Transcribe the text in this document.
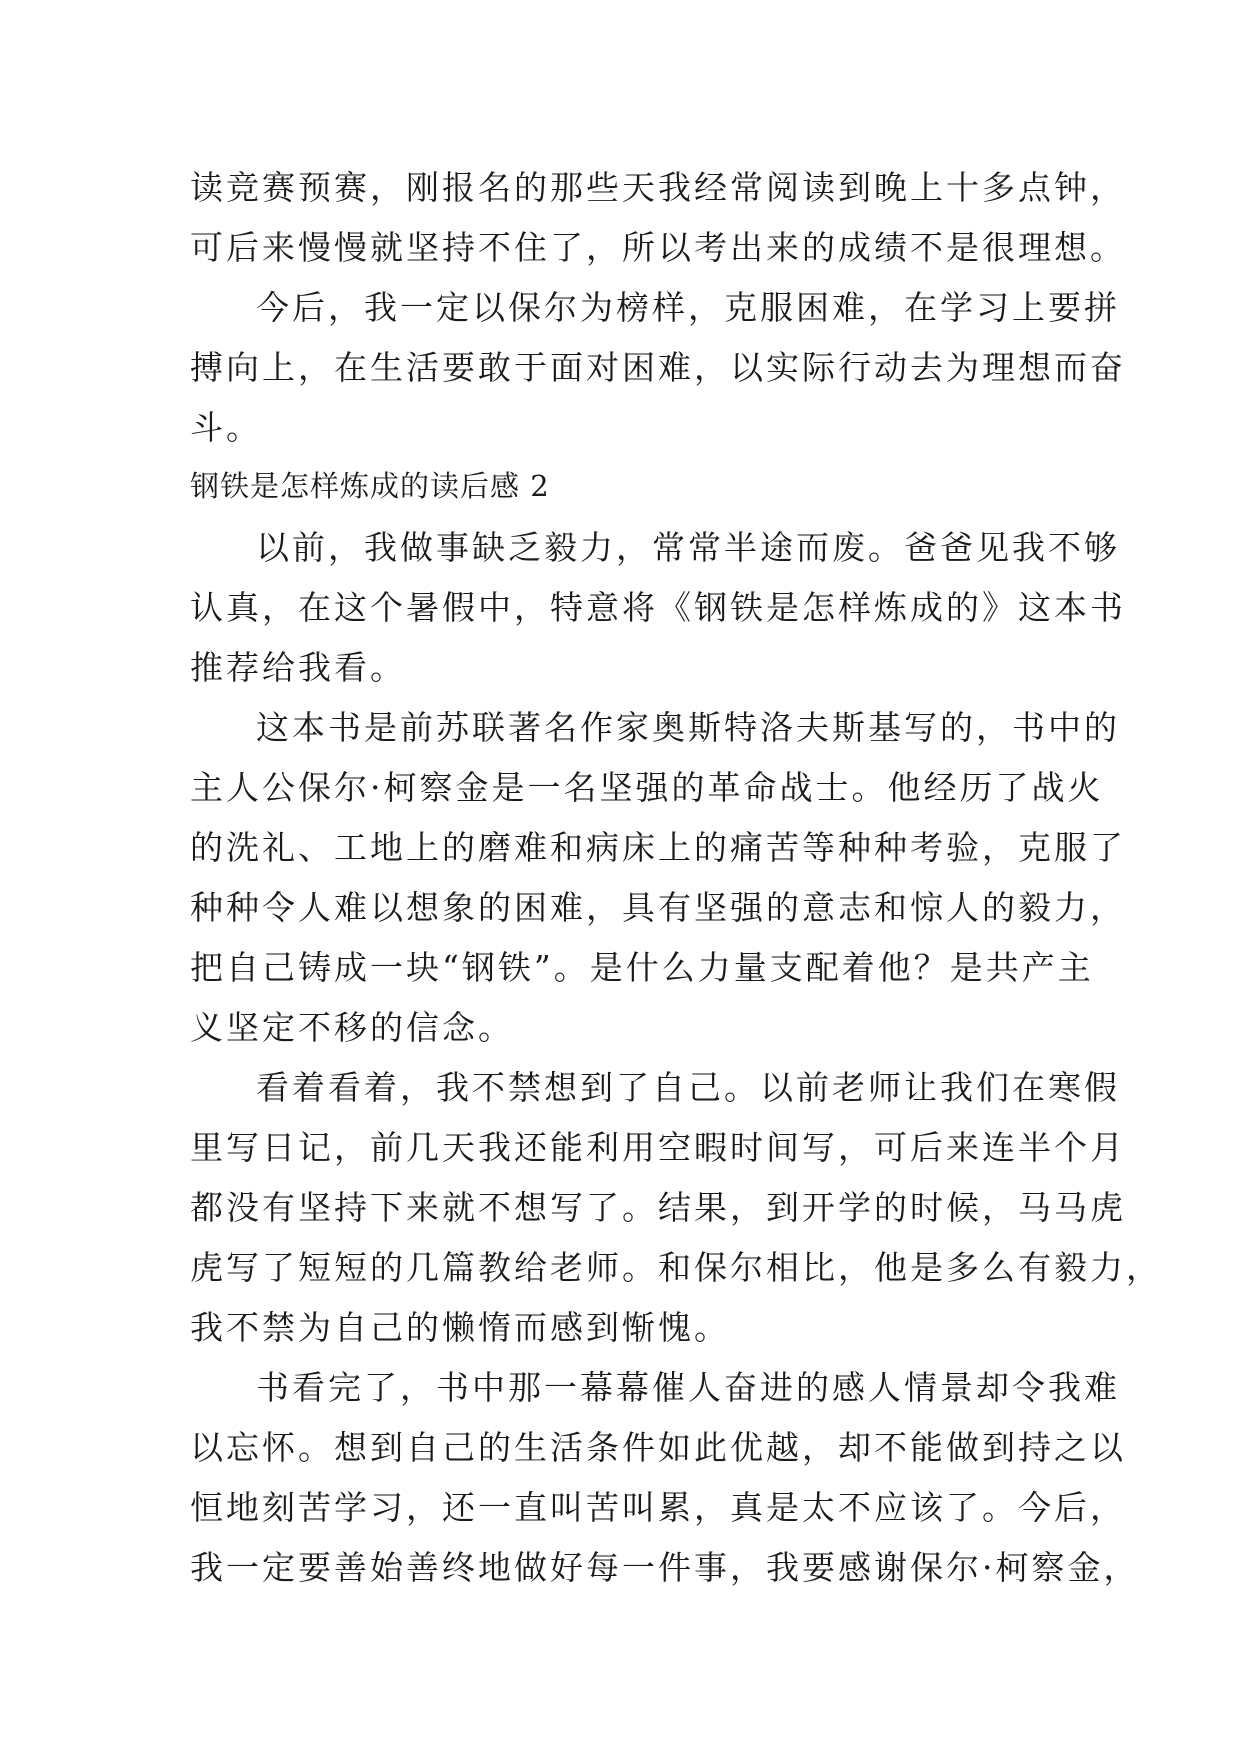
读竞赛预赛，刚报名的那些天我经常阅读到晚上十多点钟，
可后来慢慢就坚持不住了，所以考出来的成绩不是很理想。
今后，我一定以保尔为榜样，克服困难，在学习上要拼
搏向上，在生活要敢于面对困难，以实际行动去为理想而奋
斗。
钢铁是怎样炼成的读后感 2
以前，我做事缺乏毅力，常常半途而废。爸爸见我不够
认真，在这个暑假中，特意将《钢铁是怎样炼成的》这本书
推荐给我看。
这本书是前苏联著名作家奥斯特洛夫斯基写的，书中的
主人公保尔·柯察金是一名坚强的革命战士。他经历了战火
的洗礼、工地上的磨难和病床上的痛苦等种种考验，克服了
种种令人难以想象的困难，具有坚强的意志和惊人的毅力，
把自己铸成一块“钢铁”。是什么力量支配着他？是共产主
义坚定不移的信念。
看着看着，我不禁想到了自己。以前老师让我们在寒假
里写日记，前几天我还能利用空暇时间写，可后来连半个月
都没有坚持下来就不想写了。结果，到开学的时候，马马虎
虎写了短短的几篇教给老师。和保尔相比，他是多么有毅力，
我不禁为自己的懒惰而感到惭愧。
书看完了，书中那一幕幕催人奋进的感人情景却令我难
以忘怀。想到自己的生活条件如此优越，却不能做到持之以
恒地刻苦学习，还一直叫苦叫累，真是太不应该了。今后，
我一定要善始善终地做好每一件事，我要感谢保尔·柯察金，
